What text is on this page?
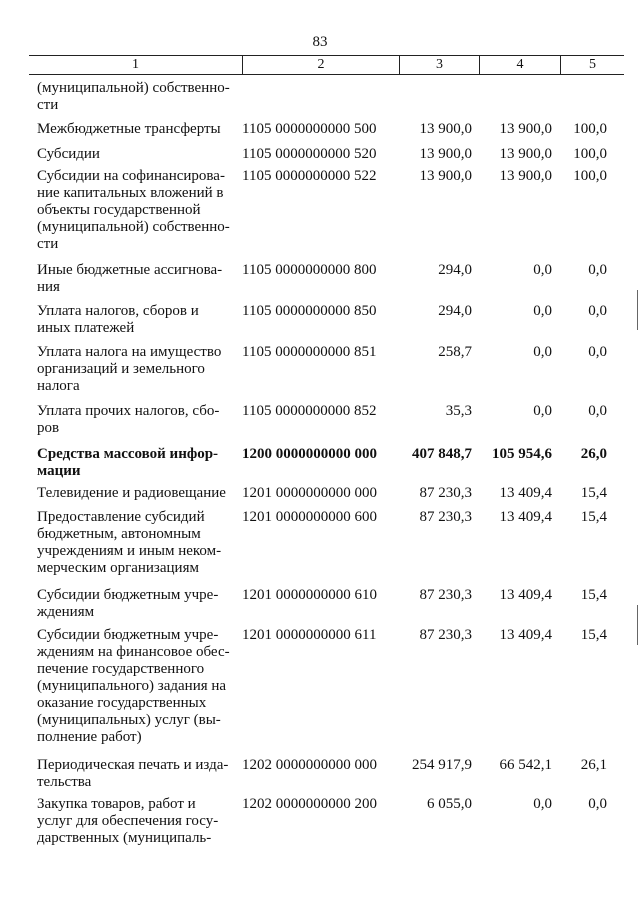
83
1	2	3	4	5
(муниципальной) собственно-
сти
Межбюджетные трансферты	1105 0000000000 500	13 900,0	13 900,0	100,0
Субсидии	1105 0000000000 520	13 900,0	13 900,0	100,0
Субсидии на софинансирова-
ние капитальных вложений в
объекты государственной
(муниципальной) собственно-
сти
1105 0000000000 522	13 900,0	13 900,0	100,0
Иные бюджетные ассигнова-
ния
1105 0000000000 800	294,0	0,0	0,0
Уплата налогов, сборов и
иных платежей
1105 0000000000 850	294,0	0,0	0,0
Уплата налога на имущество
организаций и земельного
налога
1105 0000000000 851	258,7	0,0	0,0
Уплата прочих налогов, сбо-
ров
1105 0000000000 852	35,3	0,0	0,0
Средства массовой инфор-
мации
1200 0000000000 000	407 848,7	105 954,6	26,0
Телевидение и радиовещание	1201 0000000000 000	87 230,3	13 409,4	15,4
Предоставление субсидий
бюджетным, автономным
учреждениям и иным неком-
мерческим организациям
1201 0000000000 600	87 230,3	13 409,4	15,4
Субсидии бюджетным учре-
ждениям
1201 0000000000 610	87 230,3	13 409,4	15,4
Субсидии бюджетным учре-
ждениям на финансовое обес-
печение государственного
(муниципального) задания на
оказание государственных
(муниципальных) услуг (вы-
полнение работ)
1201 0000000000 611	87 230,3	13 409,4	15,4
Периодическая печать и изда-
тельства
1202 0000000000 000	254 917,9	66 542,1	26,1
Закупка товаров, работ и
услуг для обеспечения госу-
дарственных (муниципаль-
1202 0000000000 200	6 055,0	0,0	0,0
